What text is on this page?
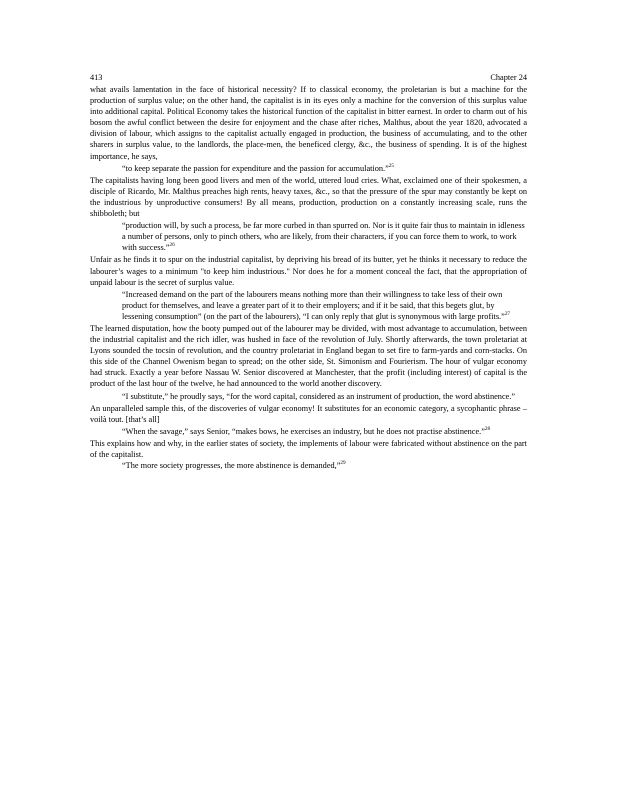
413	Chapter 24

what avails lamentation in the face of historical necessity? If to classical economy, the proletarian is but a machine for the production of surplus value; on the other hand, the capitalist is in its eyes only a machine for the conversion of this surplus value into additional capital. Political Economy takes the historical function of the capitalist in bitter earnest. In order to charm out of his bosom the awful conflict between the desire for enjoyment and the chase after riches, Malthus, about the year 1820, advocated a division of labour, which assigns to the capitalist actually engaged in production, the business of accumulating, and to the other sharers in surplus value, to the landlords, the place-men, the beneficed clergy, &c., the business of spending. It is of the highest importance, he says,

“to keep separate the passion for expenditure and the passion for accumulation.”$^{25}$

The capitalists having long been good livers and men of the world, uttered loud cries. What, exclaimed one of their spokesmen, a disciple of Ricardo, Mr. Malthus preaches high rents, heavy taxes, &c., so that the pressure of the spur may constantly be kept on the industrious by unproductive consumers! By all means, production, production on a constantly increasing scale, runs the shibboleth; but

“production will, by such a process, be far more curbed in than spurred on. Nor is it quite fair thus to maintain in idleness a number of persons, only to pinch others, who are likely, from their characters, if you can force them to work, to work with success.”$^{26}$

Unfair as he finds it to spur on the industrial capitalist, by depriving his bread of its butter, yet he thinks it necessary to reduce the labourer’s wages to a minimum "to keep him industrious." Nor does he for a moment conceal the fact, that the appropriation of unpaid labour is the secret of surplus value.

“Increased demand on the part of the labourers means nothing more than their willingness to take less of their own product for themselves, and leave a greater part of it to their employers; and if it be said, that this begets glut, by lessening consumption” (on the part of the labourers), “I can only reply that glut is synonymous with large profits.”$^{27}$

The learned disputation, how the booty pumped out of the labourer may be divided, with most advantage to accumulation, between the industrial capitalist and the rich idler, was hushed in face of the revolution of July. Shortly afterwards, the town proletariat at Lyons sounded the tocsin of revolution, and the country proletariat in England began to set fire to farm-yards and corn-stacks. On this side of the Channel Owenism began to spread; on the other side, St. Simonism and Fourierism. The hour of vulgar economy had struck. Exactly a year before Nassau W. Senior discovered at Manchester, that the profit (including interest) of capital is the product of the last hour of the twelve, he had announced to the world another discovery.

“I substitute,” he proudly says, “for the word capital, considered as an instrument of production, the word abstinence.”

An unparalleled sample this, of the discoveries of vulgar economy! It substitutes for an economic category, a sycophantic phrase – voilà tout. [that’s all]

“When the savage,” says Senior, “makes bows, he exercises an industry, but he does not practise abstinence.”$^{28}$

This explains how and why, in the earlier states of society, the implements of labour were fabricated without abstinence on the part of the capitalist.

“The more society progresses, the more abstinence is demanded,”$^{29}$
